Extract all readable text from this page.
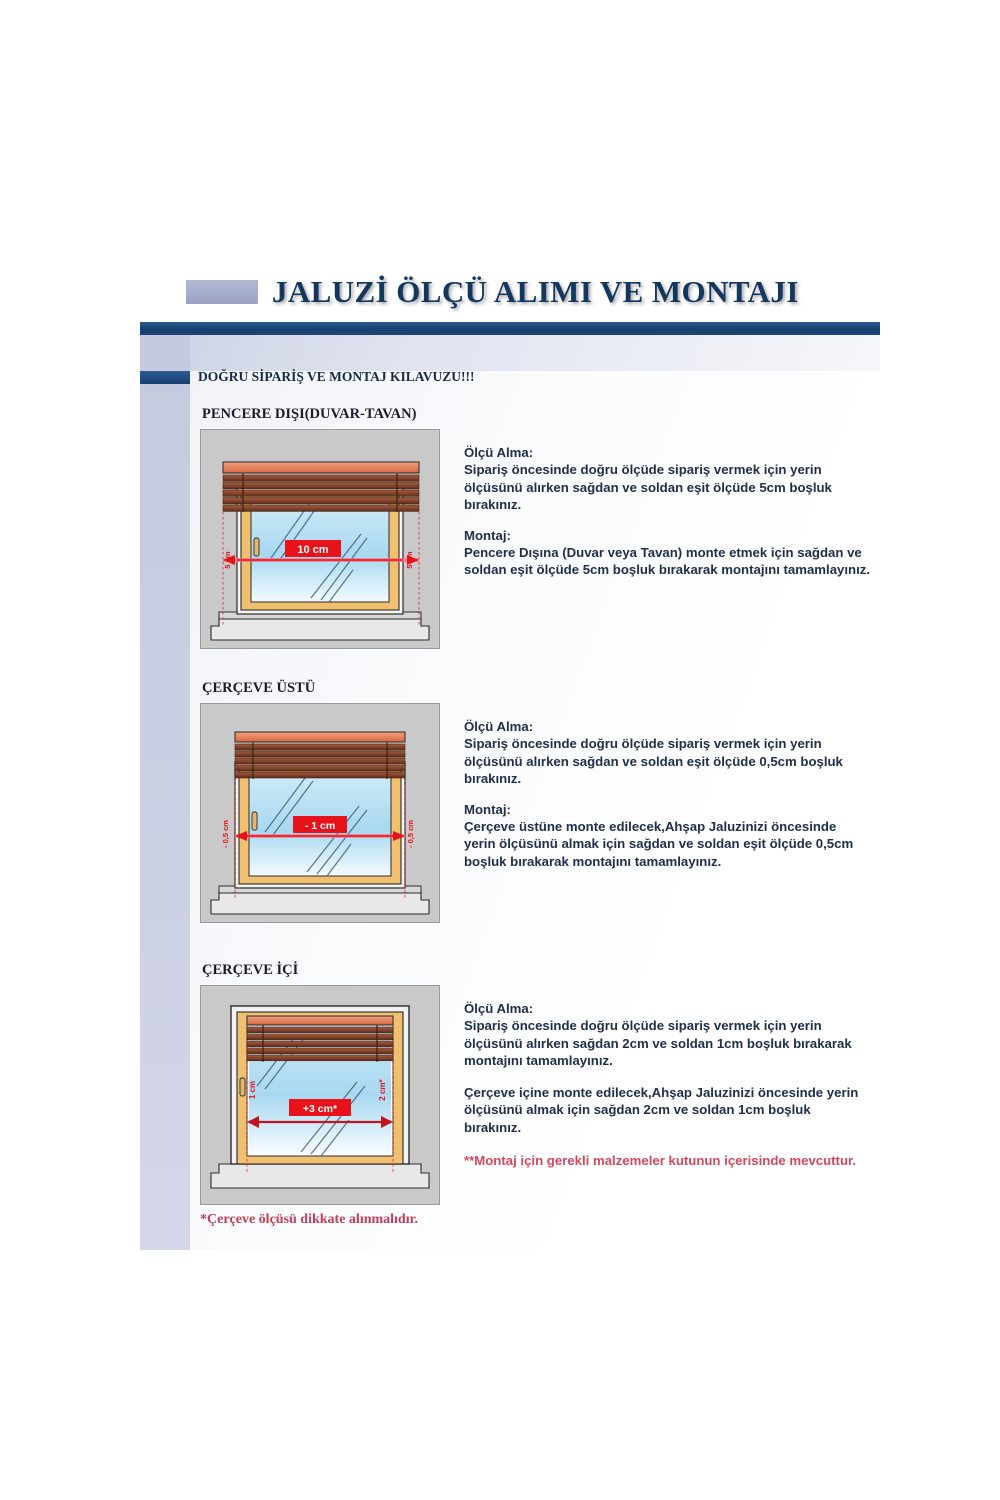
JALUZİ ÖLÇÜ ALIMI VE MONTAJI
DOĞRU SİPARİŞ VE MONTAJ KILAVUZU!!!
PENCERE DIŞI(DUVAR-TAVAN)
10 cm
5 cm	5 cm

Ölçü Alma:

Sipariş öncesinde doğru ölçüde sipariş vermek için yerin ölçüsünü alırken sağdan ve soldan eşit ölçüde 5cm boşluk bırakınız.

Montaj:

Pencere Dışına (Duvar veya Tavan) monte etmek için sağdan ve soldan eşit ölçüde 5cm boşluk bırakarak montajını tamamlayınız.

ÇERÇEVE ÜSTÜ
- 1 cm
- 0,5 cm	- 0,5 cm

Ölçü Alma:

Sipariş öncesinde doğru ölçüde sipariş vermek için yerin ölçüsünü alırken sağdan ve soldan eşit ölçüde 0,5cm boşluk bırakınız.

Montaj:

Çerçeve üstüne monte edilecek,Ahşap Jaluzinizi öncesinde yerin ölçüsünü almak için sağdan ve soldan eşit ölçüde 0,5cm boşluk bırakarak montajını tamamlayınız.

ÇERÇEVE İÇİ
+3 cm*
1 cm	2 cm*

Ölçü Alma:

Sipariş öncesinde doğru ölçüde sipariş vermek için yerin ölçüsünü alırken sağdan 2cm ve soldan 1cm boşluk bırakarak montajını tamamlayınız.

Çerçeve içine monte edilecek,Ahşap Jaluzinizi öncesinde yerin ölçüsünü almak için sağdan 2cm ve soldan 1cm boşluk bırakınız.

**Montaj için gerekli malzemeler kutunun içerisinde mevcuttur.

*Çerçeve ölçüsü dikkate alınmalıdır.
